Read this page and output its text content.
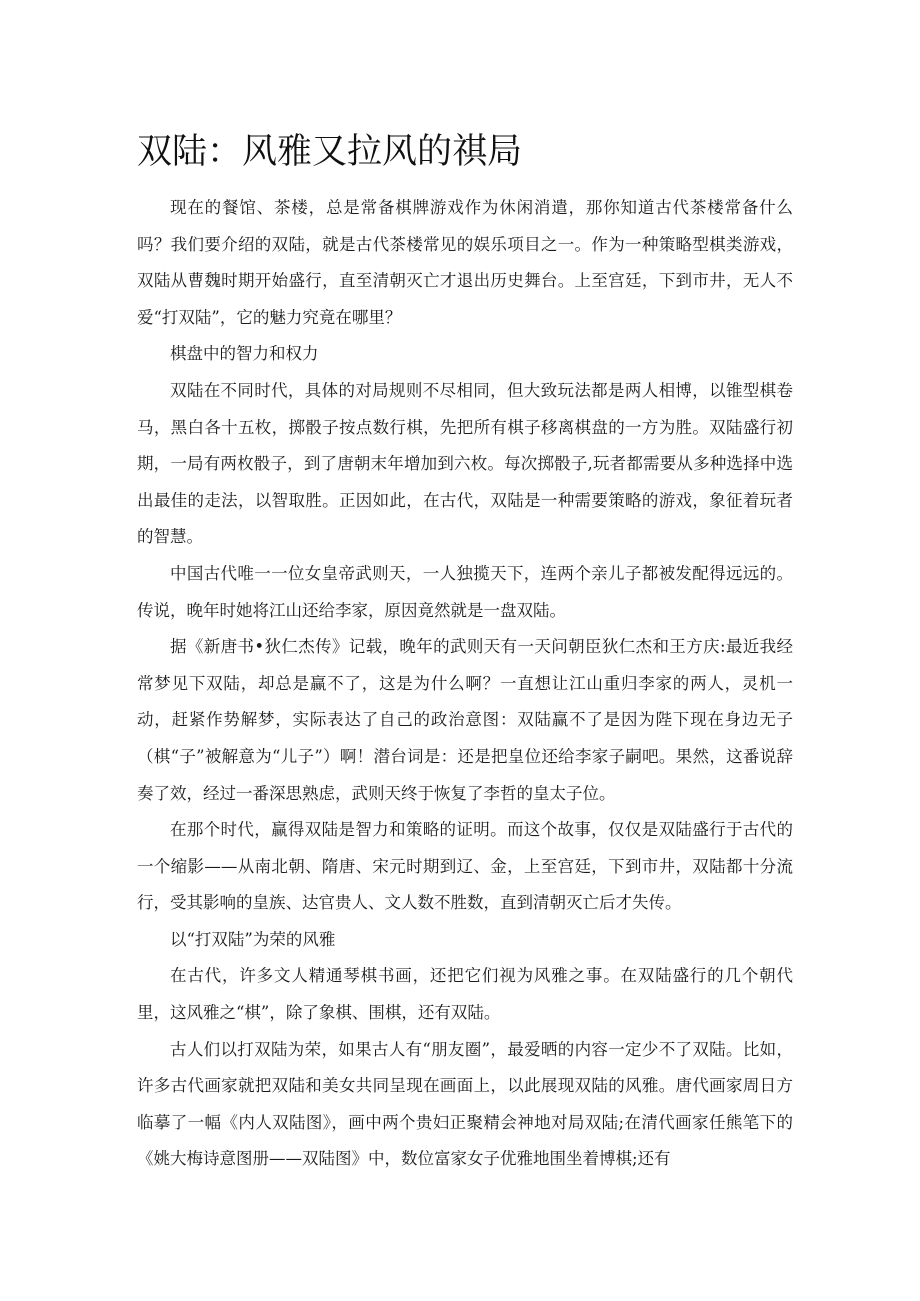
双陆：风雅又拉风的祺局

现在的餐馆、茶楼，总是常备棋牌游戏作为休闲消遣，那你知道古代茶楼常备什么吗？我们要介绍的双陆，就是古代茶楼常见的娱乐项目之一。作为一种策略型棋类游戏，双陆从曹魏时期开始盛行，直至清朝灭亡才退出历史舞台。上至宫廷，下到市井，无人不爱“打双陆”，它的魅力究竟在哪里？

棋盘中的智力和权力

双陆在不同时代，具体的对局规则不尽相同，但大致玩法都是两人相博，以锥型棋卷马，黑白各十五枚，掷骰子按点数行棋，先把所有棋子移离棋盘的一方为胜。双陆盛行初期，一局有两枚骰子，到了唐朝末年增加到六枚。每次掷骰子,玩者都需要从多种选择中选出最佳的走法，以智取胜。正因如此，在古代，双陆是一种需要策略的游戏，象征着玩者的智慧。

中国古代唯一一位女皇帝武则天，一人独揽天下，连两个亲儿子都被发配得远远的。传说，晚年时她将江山还给李家，原因竟然就是一盘双陆。

据《新唐书•狄仁杰传》记载，晚年的武则天有一天问朝臣狄仁杰和王方庆:最近我经常梦见下双陆，却总是赢不了，这是为什么啊？一直想让江山重归李家的两人，灵机一动，赶紧作势解梦，实际表达了自己的政治意图：双陆赢不了是因为陛下现在身边无子（棋“子”被解意为“儿子”）啊！潜台词是：还是把皇位还给李家子嗣吧。果然，这番说辞奏了效，经过一番深思熟虑，武则天终于恢复了李哲的皇太子位。

在那个时代，赢得双陆是智力和策略的证明。而这个故事，仅仅是双陆盛行于古代的一个缩影——从南北朝、隋唐、宋元时期到辽、金，上至宫廷，下到市井，双陆都十分流行，受其影响的皇族、达官贵人、文人数不胜数，直到清朝灭亡后才失传。

以“打双陆”为荣的风雅

在古代，许多文人精通琴棋书画，还把它们视为风雅之事。在双陆盛行的几个朝代里，这风雅之“棋”，除了象棋、围棋，还有双陆。

古人们以打双陆为荣，如果古人有“朋友圈”，最爱晒的内容一定少不了双陆。比如，许多古代画家就把双陆和美女共同呈现在画面上，以此展现双陆的风雅。唐代画家周日方临摹了一幅《内人双陆图》，画中两个贵妇正聚精会神地对局双陆;在清代画家任熊笔下的《姚大梅诗意图册——双陆图》中，数位富家女子优雅地围坐着博棋;还有
